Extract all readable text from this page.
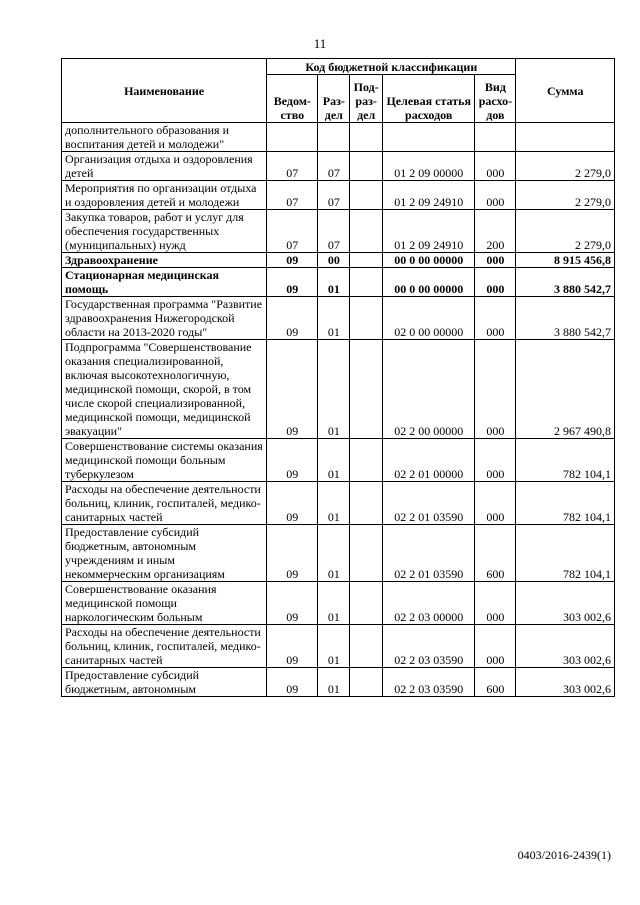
11
Наименование	Код бюджетной классификации					Сумма
	Ведом-ство	Раз-дел	Под-раз-дел	Целевая статья расходов	Вид расхо-дов	
дополнительного образования и воспитания детей и молодежи"						
Организация отдыха и оздоровления детей	07	07		01 2 09 00000	000	2 279,0
Мероприятия по организации отдыха и оздоровления детей и молодежи	07	07		01 2 09 24910	000	2 279,0
Закупка товаров, работ и услуг для обеспечения государственных (муниципальных) нужд	07	07		01 2 09 24910	200	2 279,0
Здравоохранение	09	00		00 0 00 00000	000	8 915 456,8
Стационарная медицинская помощь	09	01		00 0 00 00000	000	3 880 542,7
Государственная программа "Развитие здравоохранения Нижегородской области на 2013-2020 годы"	09	01		02 0 00 00000	000	3 880 542,7
Подпрограмма "Совершенствование оказания специализированной, включая высокотехнологичную, медицинской помощи, скорой, в том числе скорой специализированной, медицинской помощи, медицинской эвакуации"	09	01		02 2 00 00000	000	2 967 490,8
Совершенствование системы оказания медицинской помощи больным туберкулезом	09	01		02 2 01 00000	000	782 104,1
Расходы на обеспечение деятельности больниц, клиник, госпиталей, медико-санитарных частей	09	01		02 2 01 03590	000	782 104,1
Предоставление субсидий бюджетным, автономным учреждениям и иным некоммерческим организациям	09	01		02 2 01 03590	600	782 104,1
Совершенствование оказания медицинской помощи наркологическим больным	09	01		02 2 03 00000	000	303 002,6
Расходы на обеспечение деятельности больниц, клиник, госпиталей, медико-санитарных частей	09	01		02 2 03 03590	000	303 002,6
Предоставление субсидий бюджетным, автономным	09	01		02 2 03 03590	600	303 002,6
0403/2016-2439(1)
